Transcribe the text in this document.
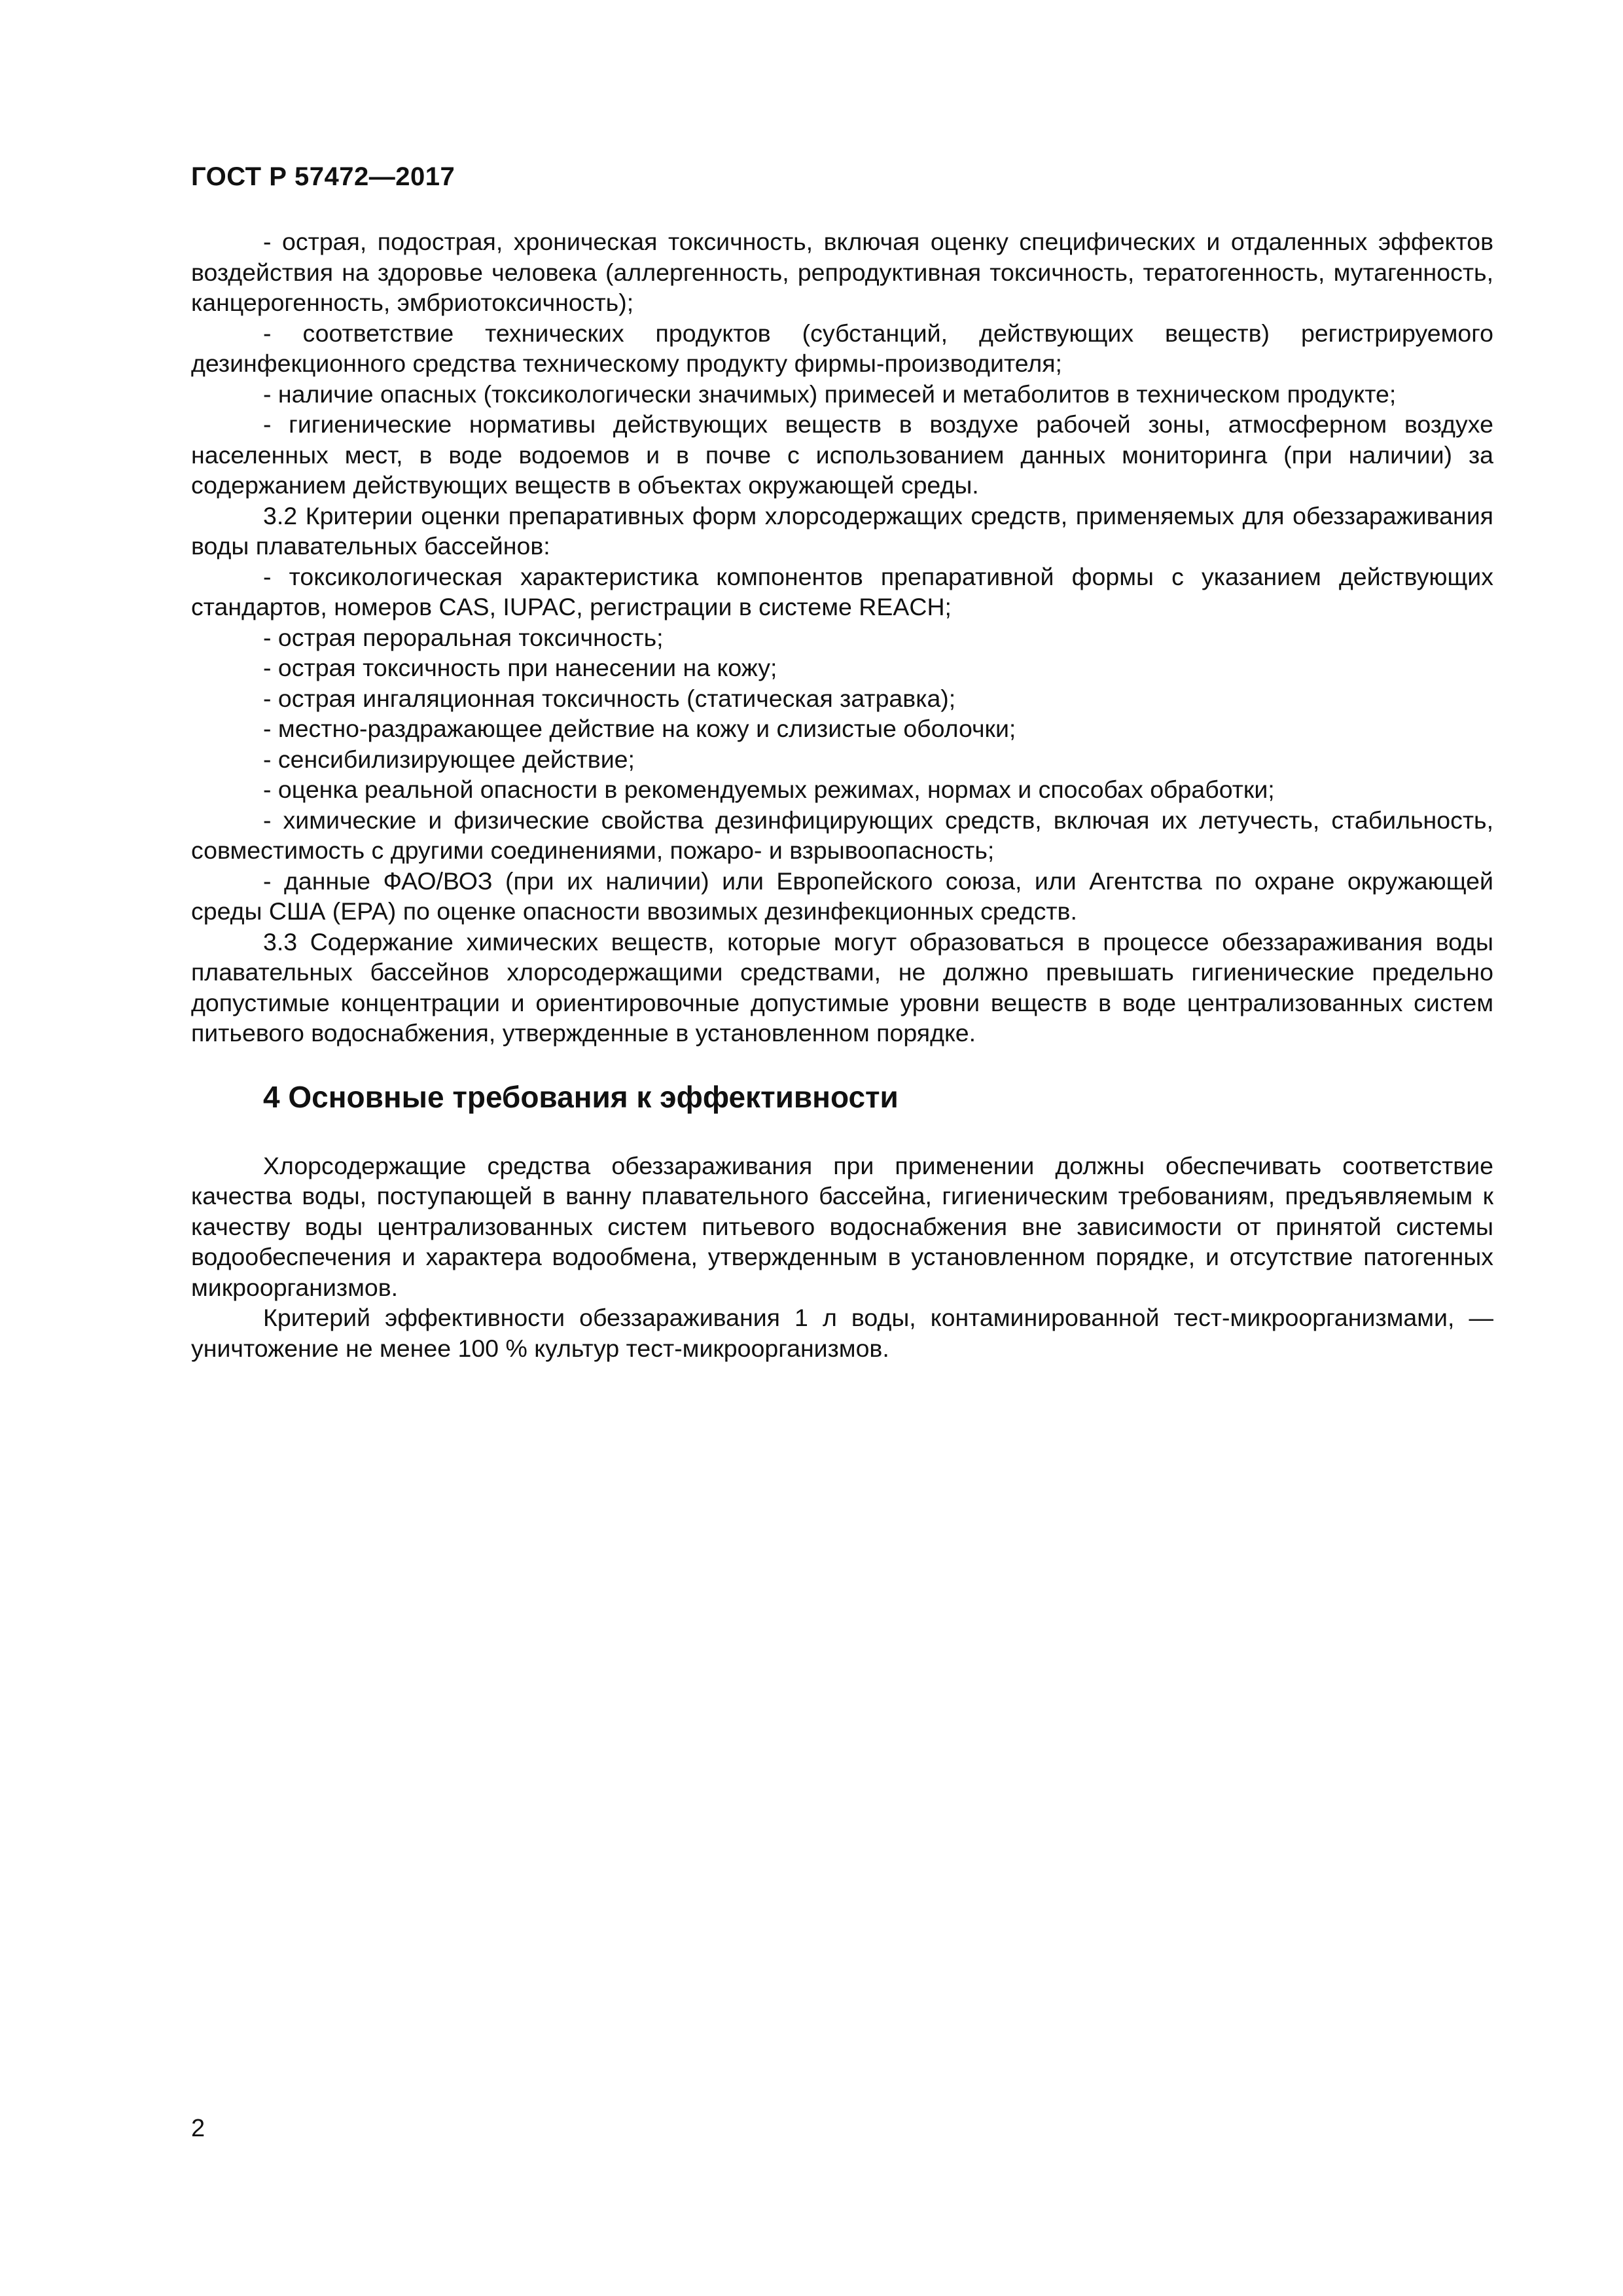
ГОСТ Р 57472—2017

- острая, подострая, хроническая токсичность, включая оценку специфических и отдаленных эффектов воздействия на здоровье человека (аллергенность, репродуктивная токсичность, тератогенность, мутагенность, канцерогенность, эмбриотоксичность);

- соответствие технических продуктов (субстанций, действующих веществ) регистрируемого дезинфекционного средства техническому продукту фирмы-производителя;

- наличие опасных (токсикологически значимых) примесей и метаболитов в техническом продукте;

- гигиенические нормативы действующих веществ в воздухе рабочей зоны, атмосферном воздухе населенных мест, в воде водоемов и в почве с использованием данных мониторинга (при наличии) за содержанием действующих веществ в объектах окружающей среды.

3.2 Критерии оценки препаративных форм хлорсодержащих средств, применяемых для обеззараживания воды плавательных бассейнов:

- токсикологическая характеристика компонентов препаративной формы с указанием действующих стандартов, номеров CAS, IUPAC, регистрации в системе REACH;

- острая пероральная токсичность;

- острая токсичность при нанесении на кожу;

- острая ингаляционная токсичность (статическая затравка);

- местно-раздражающее действие на кожу и слизистые оболочки;

- сенсибилизирующее действие;

- оценка реальной опасности в рекомендуемых режимах, нормах и способах обработки;

- химические и физические свойства дезинфицирующих средств, включая их летучесть, стабильность, совместимость с другими соединениями, пожаро- и взрывоопасность;

- данные ФАО/ВОЗ (при их наличии) или Европейского союза, или Агентства по охране окружающей среды США (ЕРА) по оценке опасности ввозимых дезинфекционных средств.

3.3 Содержание химических веществ, которые могут образоваться в процессе обеззараживания воды плавательных бассейнов хлорсодержащими средствами, не должно превышать гигиенические предельно допустимые концентрации и ориентировочные допустимые уровни веществ в воде централизованных систем питьевого водоснабжения, утвержденные в установленном порядке.

4 Основные требования к эффективности

Хлорсодержащие средства обеззараживания при применении должны обеспечивать соответствие качества воды, поступающей в ванну плавательного бассейна, гигиеническим требованиям, предъявляемым к качеству воды централизованных систем питьевого водоснабжения вне зависимости от принятой системы водообеспечения и характера водообмена, утвержденным в установленном порядке, и отсутствие патогенных микроорганизмов.

Критерий эффективности обеззараживания 1 л воды, контаминированной тест-микроорганизмами, — уничтожение не менее 100 % культур тест-микроорганизмов.

2
